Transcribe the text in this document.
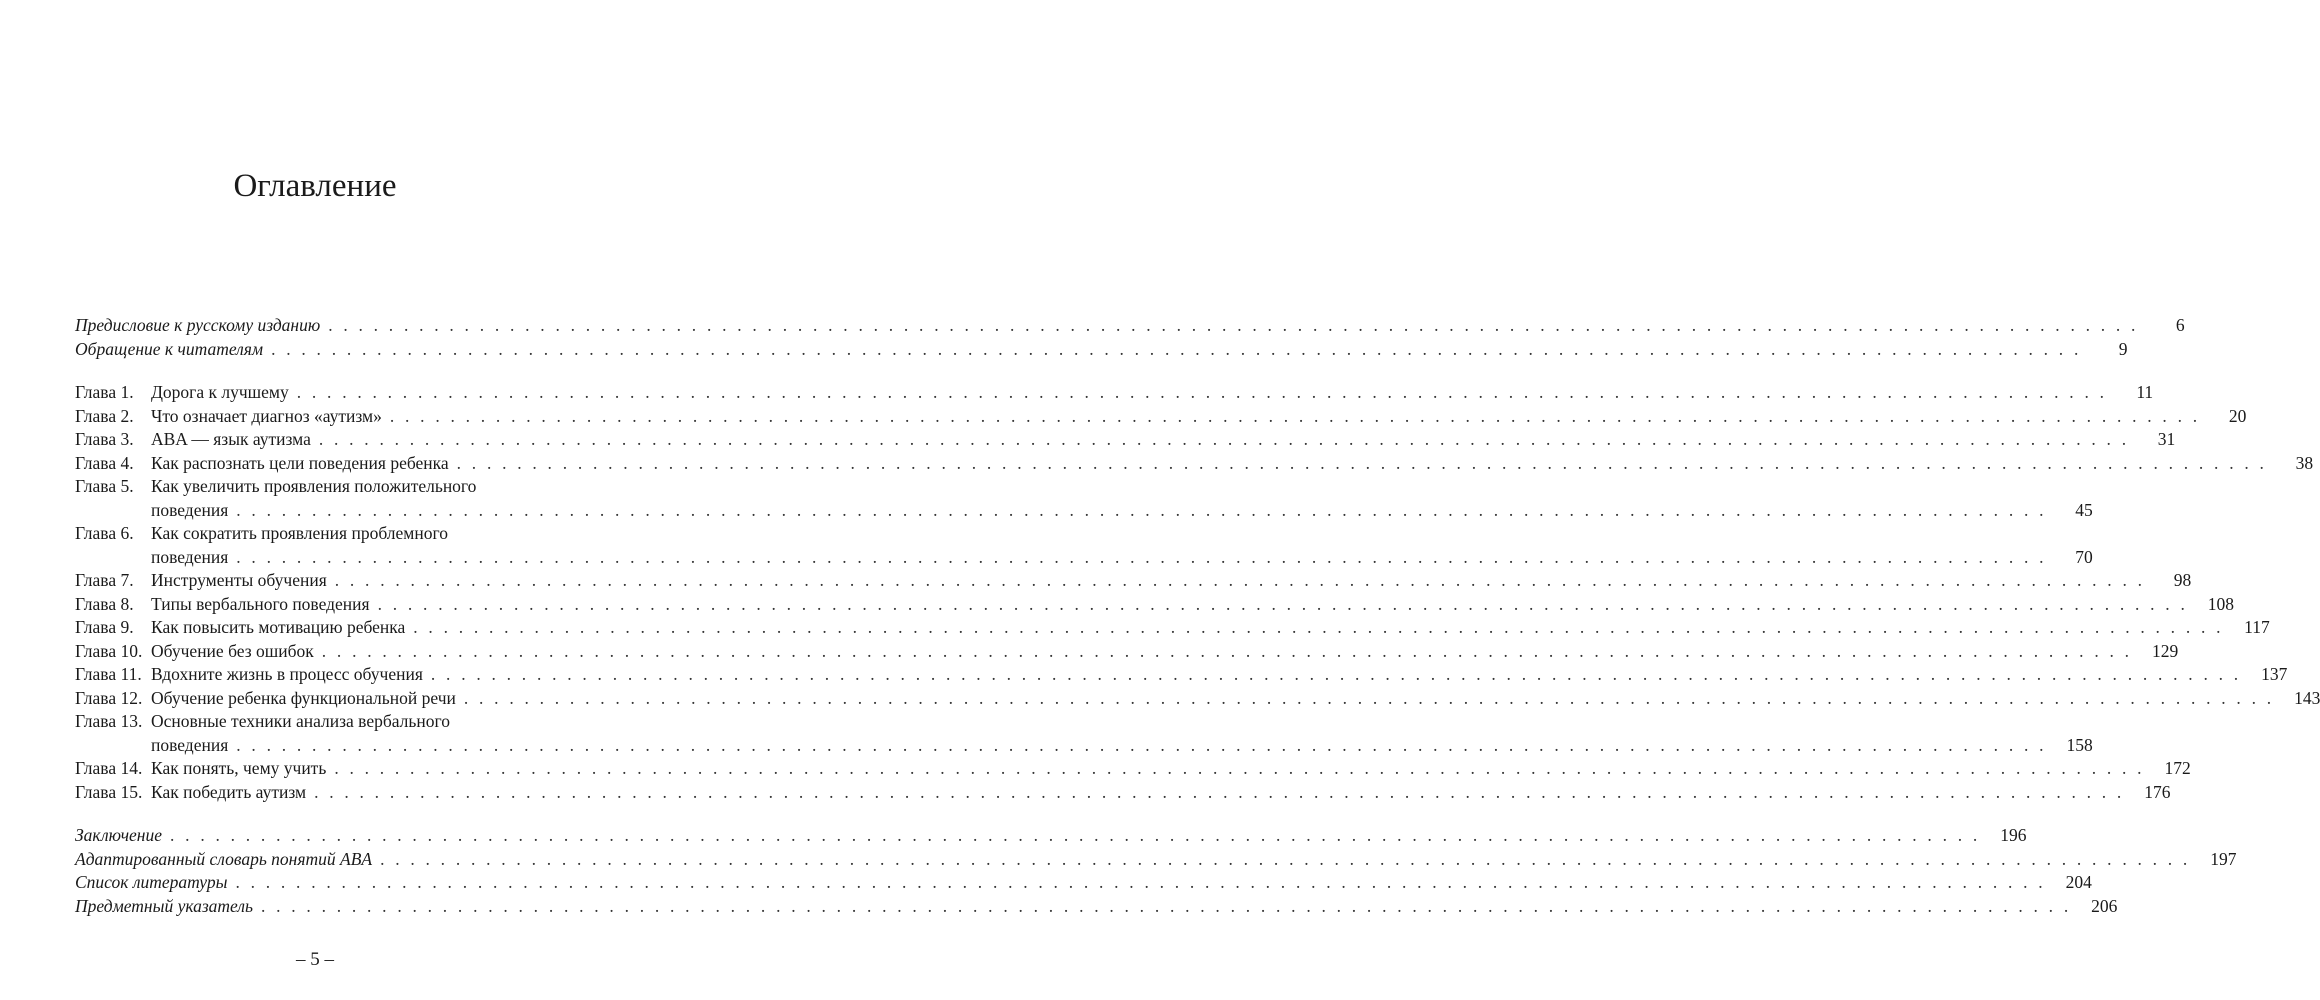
Оглавление
Предисловие к русскому изданию . . . . . . . . . . . . . . . . . . . . . . . . . . . . . . . . . . . . . . . . . . . . . . . . . . . . . . . . . . . . . . . . . . . . . . . . . . . . . . . . . . . . . . . . . . . . . . . . . . . . . . . . . . . . . . . . . . . . . . . .	6
Обращение к читателям . . . . . . . . . . . . . . . . . . . . . . . . . . . . . . . . . . . . . . . . . . . . . . . . . . . . . . . . . . . . . . . . . . . . . . . . . . . . . . . . . . . . . . . . . . . . . . . . . . . . . . . . . . . . . . . . . . . . . . . .	9
Глава 1. Дорога к лучшему . . . . . . . . . . . . . . . . . . . . . . . . . . . . . . . . . . . . . . . . . . . . . . . . . . . . . . . . . . . . . . . . . . . . . . . . . . . . . . . . . . . . . . . . . . . . . . . . . . . . . . . . . . . . . . . . . . . . . . . .	11
Глава 2. Что означает диагноз «аутизм» . . . . . . . . . . . . . . . . . . . . . . . . . . . . . . . . . . . . . . . . . . . . . . . . . . . . . . . . . . . . . . . . . . . . . . . . . . . . . . . . . . . . . . . . . . . . . . . . . . . . . . . . . . . . . . . . . . . . . . . .	20
Глава 3. ABA — язык аутизма . . . . . . . . . . . . . . . . . . . . . . . . . . . . . . . . . . . . . . . . . . . . . . . . . . . . . . . . . . . . . . . . . . . . . . . . . . . . . . . . . . . . . . . . . . . . . . . . . . . . . . . . . . . . . . . . . . . . . . . .	31
Глава 4. Как распознать цели поведения ребенка . . . . . . . . . . . . . . . . . . . . . . . . . . . . . . . . . . . . . . . . . . . . . . . . . . . . . . . . . . . . . . . . . . . . . . . . . . . . . . . . . . . . . . . . . . . . . . . . . . . . . . . . . . . . . . . . . . . . . . . .	38
Глава 5. Как увеличить проявления положительного
поведения . . . . . . . . . . . . . . . . . . . . . . . . . . . . . . . . . . . . . . . . . . . . . . . . . . . . . . . . . . . . . . . . . . . . . . . . . . . . . . . . . . . . . . . . . . . . . . . . . . . . . . . . . . . . . . . . . . . . . . . .	45
Глава 6. Как сократить проявления проблемного
поведения . . . . . . . . . . . . . . . . . . . . . . . . . . . . . . . . . . . . . . . . . . . . . . . . . . . . . . . . . . . . . . . . . . . . . . . . . . . . . . . . . . . . . . . . . . . . . . . . . . . . . . . . . . . . . . . . . . . . . . . .	70
Глава 7. Инструменты обучения . . . . . . . . . . . . . . . . . . . . . . . . . . . . . . . . . . . . . . . . . . . . . . . . . . . . . . . . . . . . . . . . . . . . . . . . . . . . . . . . . . . . . . . . . . . . . . . . . . . . . . . . . . . . . . . . . . . . . . . .	98
Глава 8. Типы вербального поведения . . . . . . . . . . . . . . . . . . . . . . . . . . . . . . . . . . . . . . . . . . . . . . . . . . . . . . . . . . . . . . . . . . . . . . . . . . . . . . . . . . . . . . . . . . . . . . . . . . . . . . . . . . . . . . . . . . . . . . . .	108
Глава 9. Как повысить мотивацию ребенка . . . . . . . . . . . . . . . . . . . . . . . . . . . . . . . . . . . . . . . . . . . . . . . . . . . . . . . . . . . . . . . . . . . . . . . . . . . . . . . . . . . . . . . . . . . . . . . . . . . . . . . . . . . . . . . . . . . . . . . .	117
Глава 10. Обучение без ошибок . . . . . . . . . . . . . . . . . . . . . . . . . . . . . . . . . . . . . . . . . . . . . . . . . . . . . . . . . . . . . . . . . . . . . . . . . . . . . . . . . . . . . . . . . . . . . . . . . . . . . . . . . . . . . . . . . . . . . . . .	129
Глава 11. Вдохните жизнь в процесс обучения . . . . . . . . . . . . . . . . . . . . . . . . . . . . . . . . . . . . . . . . . . . . . . . . . . . . . . . . . . . . . . . . . . . . . . . . . . . . . . . . . . . . . . . . . . . . . . . . . . . . . . . . . . . . . . . . . . . . . . . .	137
Глава 12. Обучение ребенка функциональной речи . . . . . . . . . . . . . . . . . . . . . . . . . . . . . . . . . . . . . . . . . . . . . . . . . . . . . . . . . . . . . . . . . . . . . . . . . . . . . . . . . . . . . . . . . . . . . . . . . . . . . . . . . . . . . . . . . . . . . . . .	143
Глава 13. Основные техники анализа вербального
поведения . . . . . . . . . . . . . . . . . . . . . . . . . . . . . . . . . . . . . . . . . . . . . . . . . . . . . . . . . . . . . . . . . . . . . . . . . . . . . . . . . . . . . . . . . . . . . . . . . . . . . . . . . . . . . . . . . . . . . . . .	158
Глава 14. Как понять, чему учить . . . . . . . . . . . . . . . . . . . . . . . . . . . . . . . . . . . . . . . . . . . . . . . . . . . . . . . . . . . . . . . . . . . . . . . . . . . . . . . . . . . . . . . . . . . . . . . . . . . . . . . . . . . . . . . . . . . . . . . .	172
Глава 15. Как победить аутизм . . . . . . . . . . . . . . . . . . . . . . . . . . . . . . . . . . . . . . . . . . . . . . . . . . . . . . . . . . . . . . . . . . . . . . . . . . . . . . . . . . . . . . . . . . . . . . . . . . . . . . . . . . . . . . . . . . . . . . . .	176
Заключение . . . . . . . . . . . . . . . . . . . . . . . . . . . . . . . . . . . . . . . . . . . . . . . . . . . . . . . . . . . . . . . . . . . . . . . . . . . . . . . . . . . . . . . . . . . . . . . . . . . . . . . . . . . . . . . . . . . . . . . .	196
Адаптированный словарь понятий ABA . . . . . . . . . . . . . . . . . . . . . . . . . . . . . . . . . . . . . . . . . . . . . . . . . . . . . . . . . . . . . . . . . . . . . . . . . . . . . . . . . . . . . . . . . . . . . . . . . . . . . . . . . . . . . . . . . . . . . . . .	197
Список литературы . . . . . . . . . . . . . . . . . . . . . . . . . . . . . . . . . . . . . . . . . . . . . . . . . . . . . . . . . . . . . . . . . . . . . . . . . . . . . . . . . . . . . . . . . . . . . . . . . . . . . . . . . . . . . . . . . . . . . . . .	204
Предметный указатель . . . . . . . . . . . . . . . . . . . . . . . . . . . . . . . . . . . . . . . . . . . . . . . . . . . . . . . . . . . . . . . . . . . . . . . . . . . . . . . . . . . . . . . . . . . . . . . . . . . . . . . . . . . . . . . . . . . . . . . .	206
– 5 –
